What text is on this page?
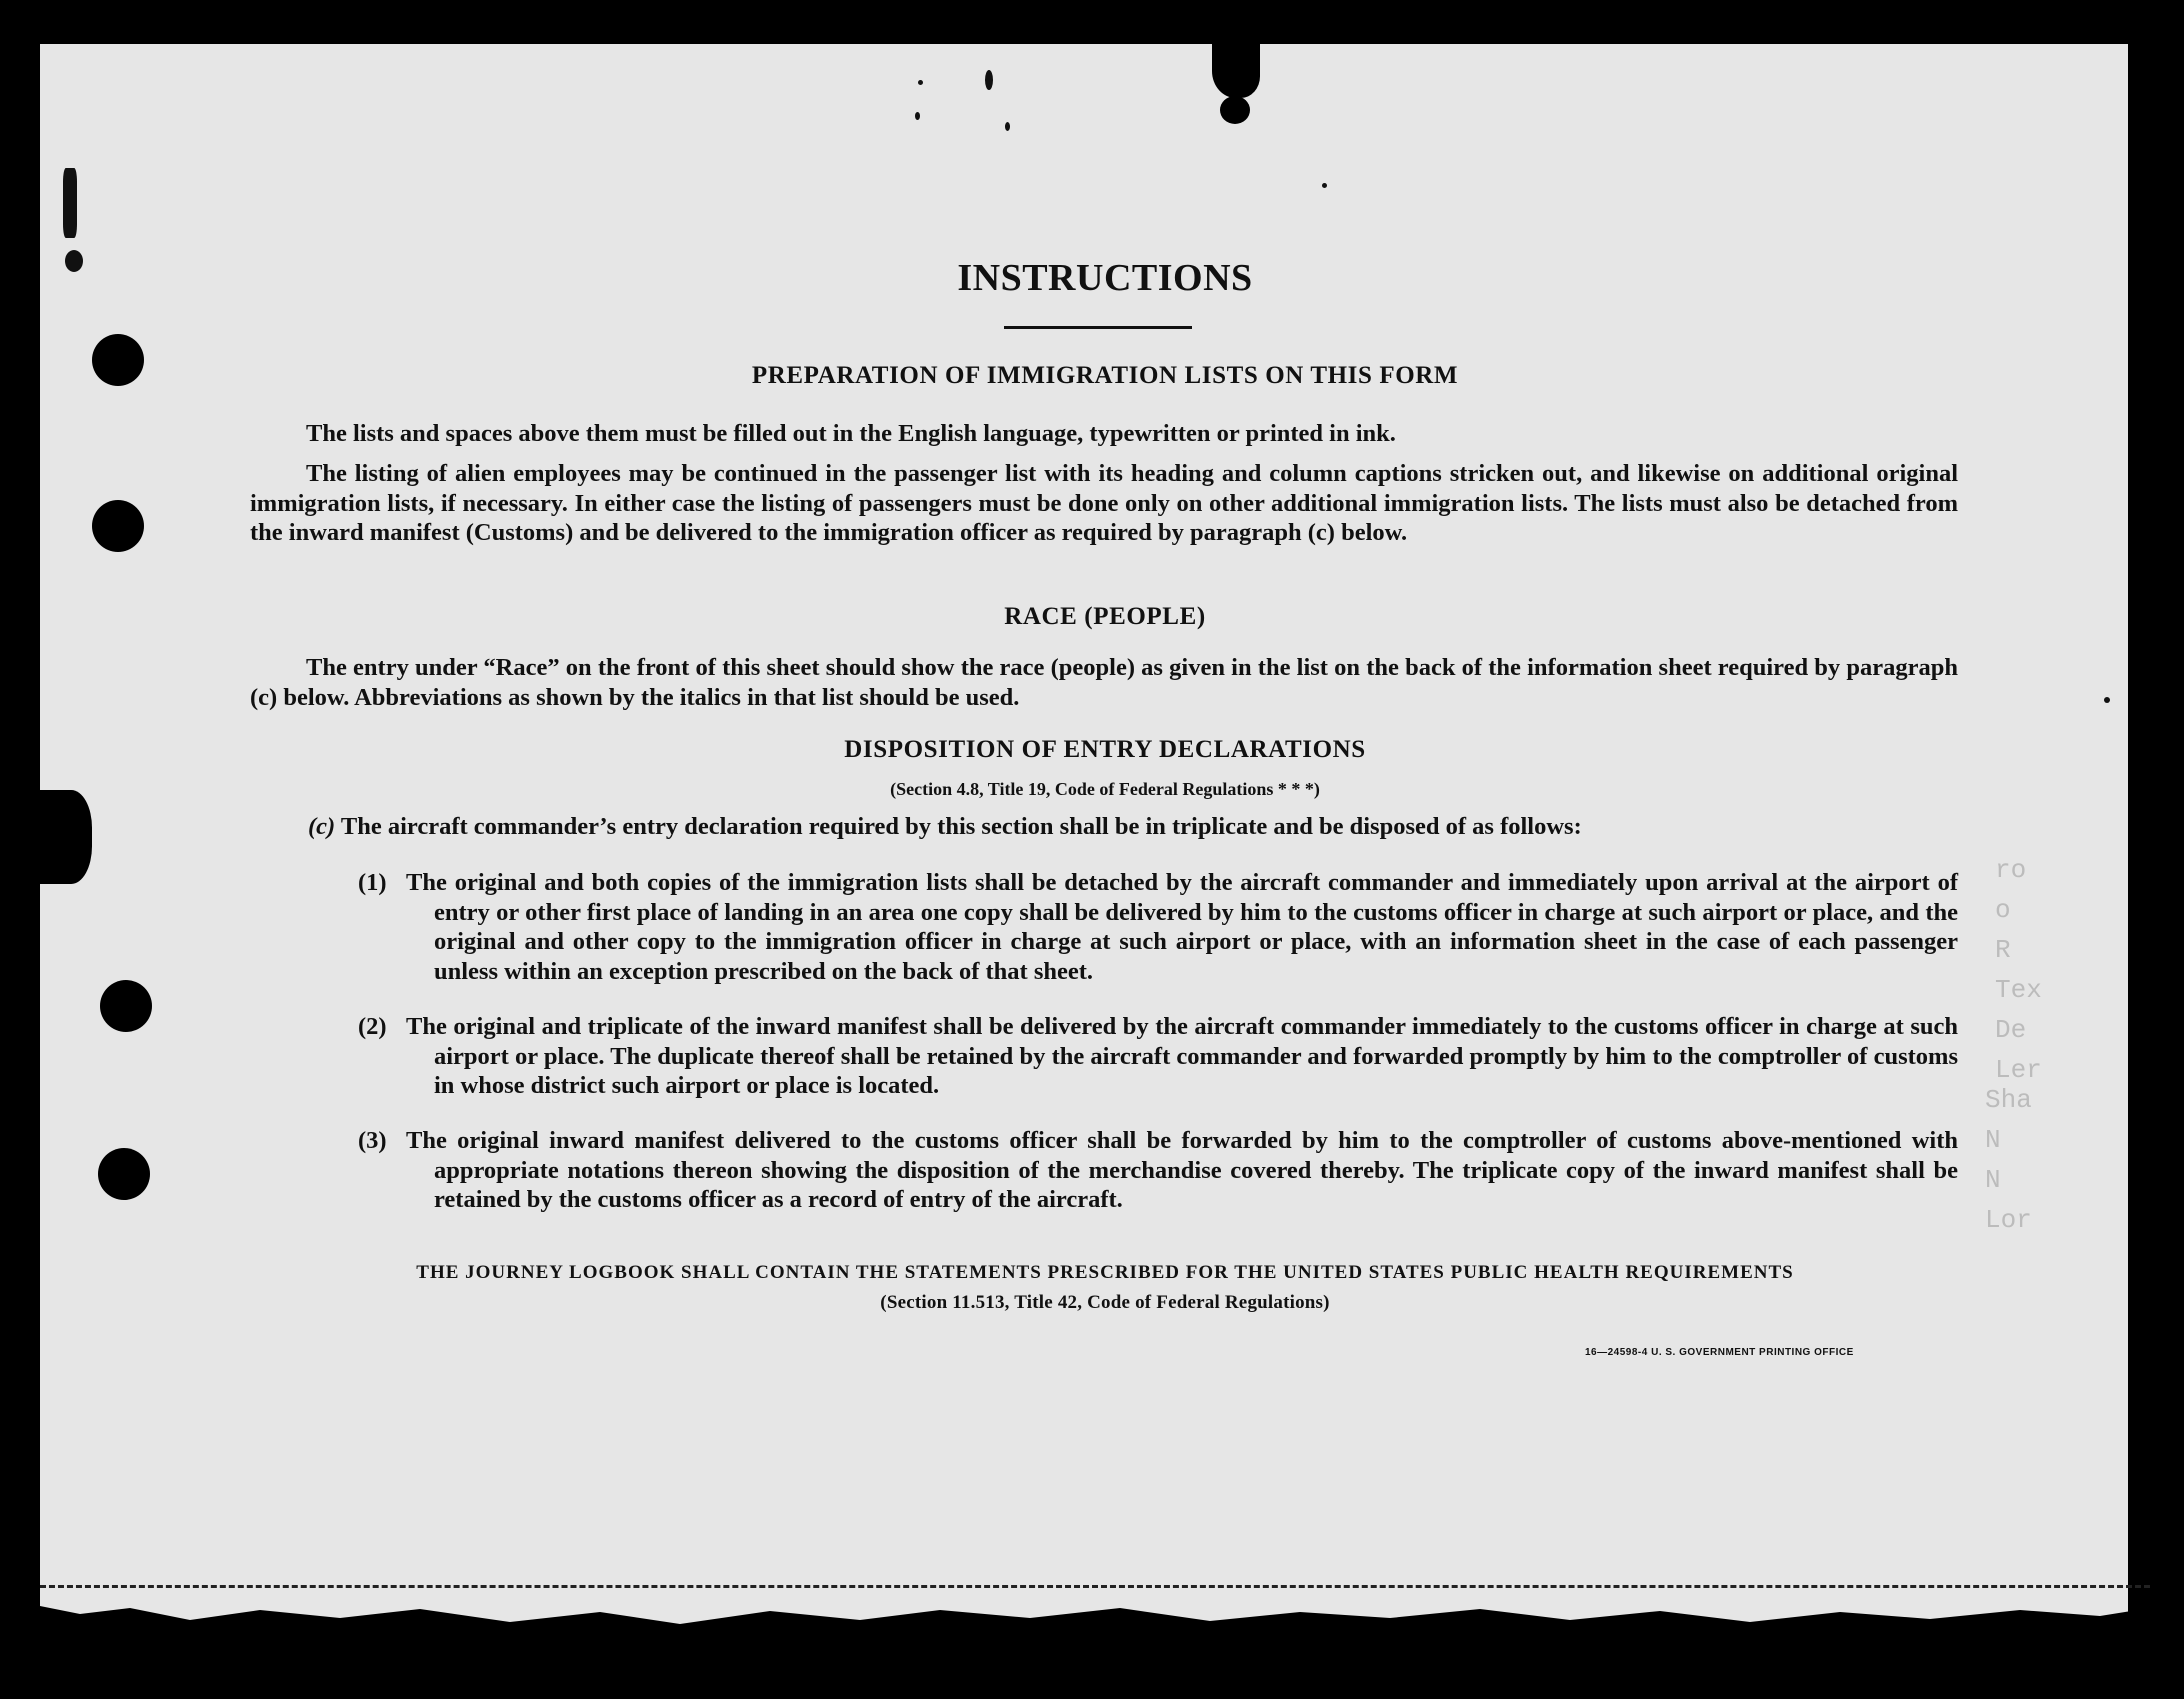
ro
o
R
Tex
De
Ler
Sha
N
N
Lor
INSTRUCTIONS

PREPARATION OF IMMIGRATION LISTS ON THIS FORM

The lists and spaces above them must be filled out in the English language, typewritten or printed in ink.

The listing of alien employees may be continued in the passenger list with its heading and column captions stricken out, and likewise on additional original immigration lists, if necessary. In either case the listing of passengers must be done only on other additional immigration lists. The lists must also be detached from the inward manifest (Customs) and be delivered to the immigration officer as required by paragraph (c) below.

RACE (PEOPLE)

The entry under “Race” on the front of this sheet should show the race (people) as given in the list on the back of the information sheet required by paragraph (c) below. Abbreviations as shown by the italics in that list should be used.

DISPOSITION OF ENTRY DECLARATIONS

(Section 4.8, Title 19, Code of Federal Regulations * * *)

(c) The aircraft commander’s entry declaration required by this section shall be in triplicate and be disposed of as follows:

(1) The original and both copies of the immigration lists shall be detached by the aircraft commander and immediately upon arrival at the airport of entry or other first place of landing in an area one copy shall be delivered by him to the customs officer in charge at such airport or place, and the original and other copy to the immigration officer in charge at such airport or place, with an information sheet in the case of each passenger unless within an exception prescribed on the back of that sheet.

(2) The original and triplicate of the inward manifest shall be delivered by the aircraft commander immediately to the customs officer in charge at such airport or place. The duplicate thereof shall be retained by the aircraft commander and forwarded promptly by him to the comptroller of customs in whose district such airport or place is located.

(3) The original inward manifest delivered to the customs officer shall be forwarded by him to the comptroller of customs above-mentioned with appropriate notations thereon showing the disposition of the merchandise covered thereby. The triplicate copy of the inward manifest shall be retained by the customs officer as a record of entry of the aircraft.

THE JOURNEY LOGBOOK SHALL CONTAIN THE STATEMENTS PRESCRIBED FOR THE UNITED STATES PUBLIC HEALTH REQUIREMENTS
(Section 11.513, Title 42, Code of Federal Regulations)
16—24598-4 U. S. GOVERNMENT PRINTING OFFICE
